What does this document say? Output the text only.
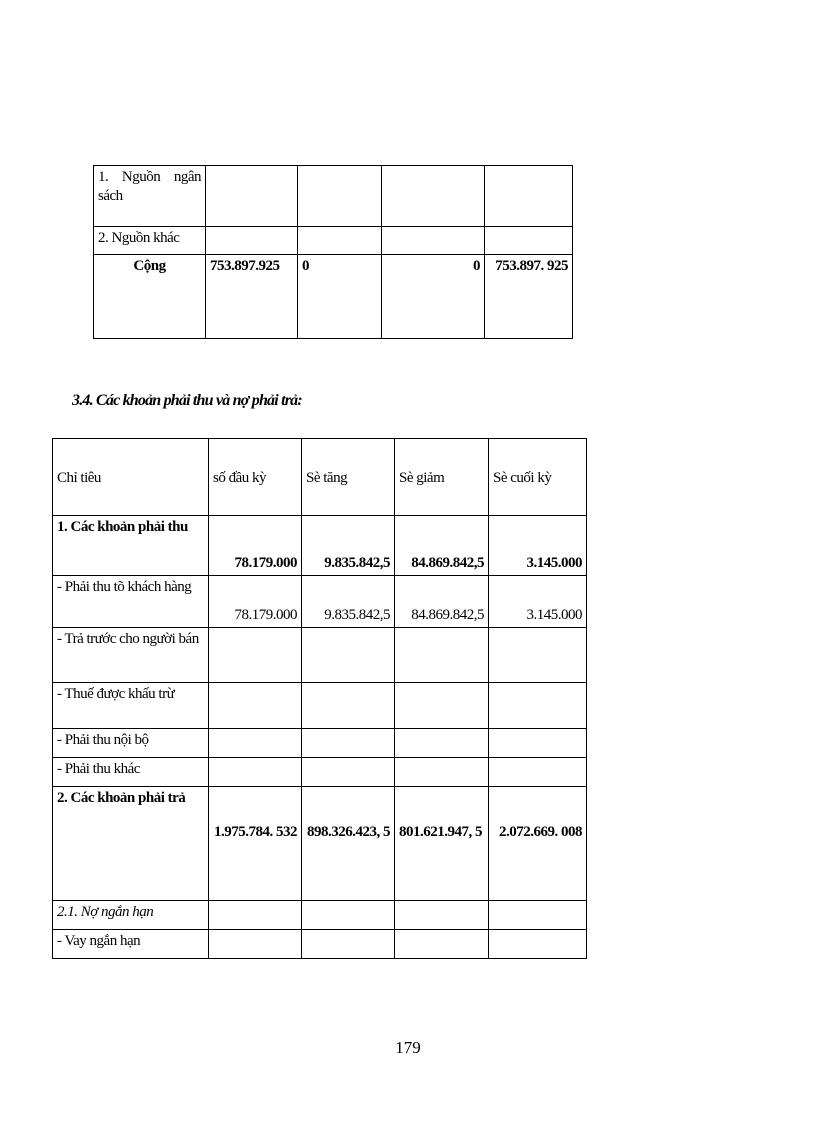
1. Nguồn ngân sách				
2. Nguồn khác				
Cộng	753.897.925	0	0	753.897. 925
3.4. Các khoản phải thu và nợ phải trả:
Chỉ tiêu	số đầu kỳ	Sè tăng	Sè giảm	Sè cuối kỳ
1. Các khoản phải thu	78.179.000	9.835.842,5	84.869.842,5	3.145.000
- Phải thu tõ khách hàng	78.179.000	9.835.842,5	84.869.842,5	3.145.000
- Trả trước cho người bán				
- Thuế được khấu trừ				
- Phải thu nội bộ				
- Phải thu khác				
2. Các khoản phải trả	1.975.784. 532	898.326.423, 5	801.621.947, 5	2.072.669. 008
2.1. Nợ ngắn hạn				
- Vay ngắn hạn				
179
